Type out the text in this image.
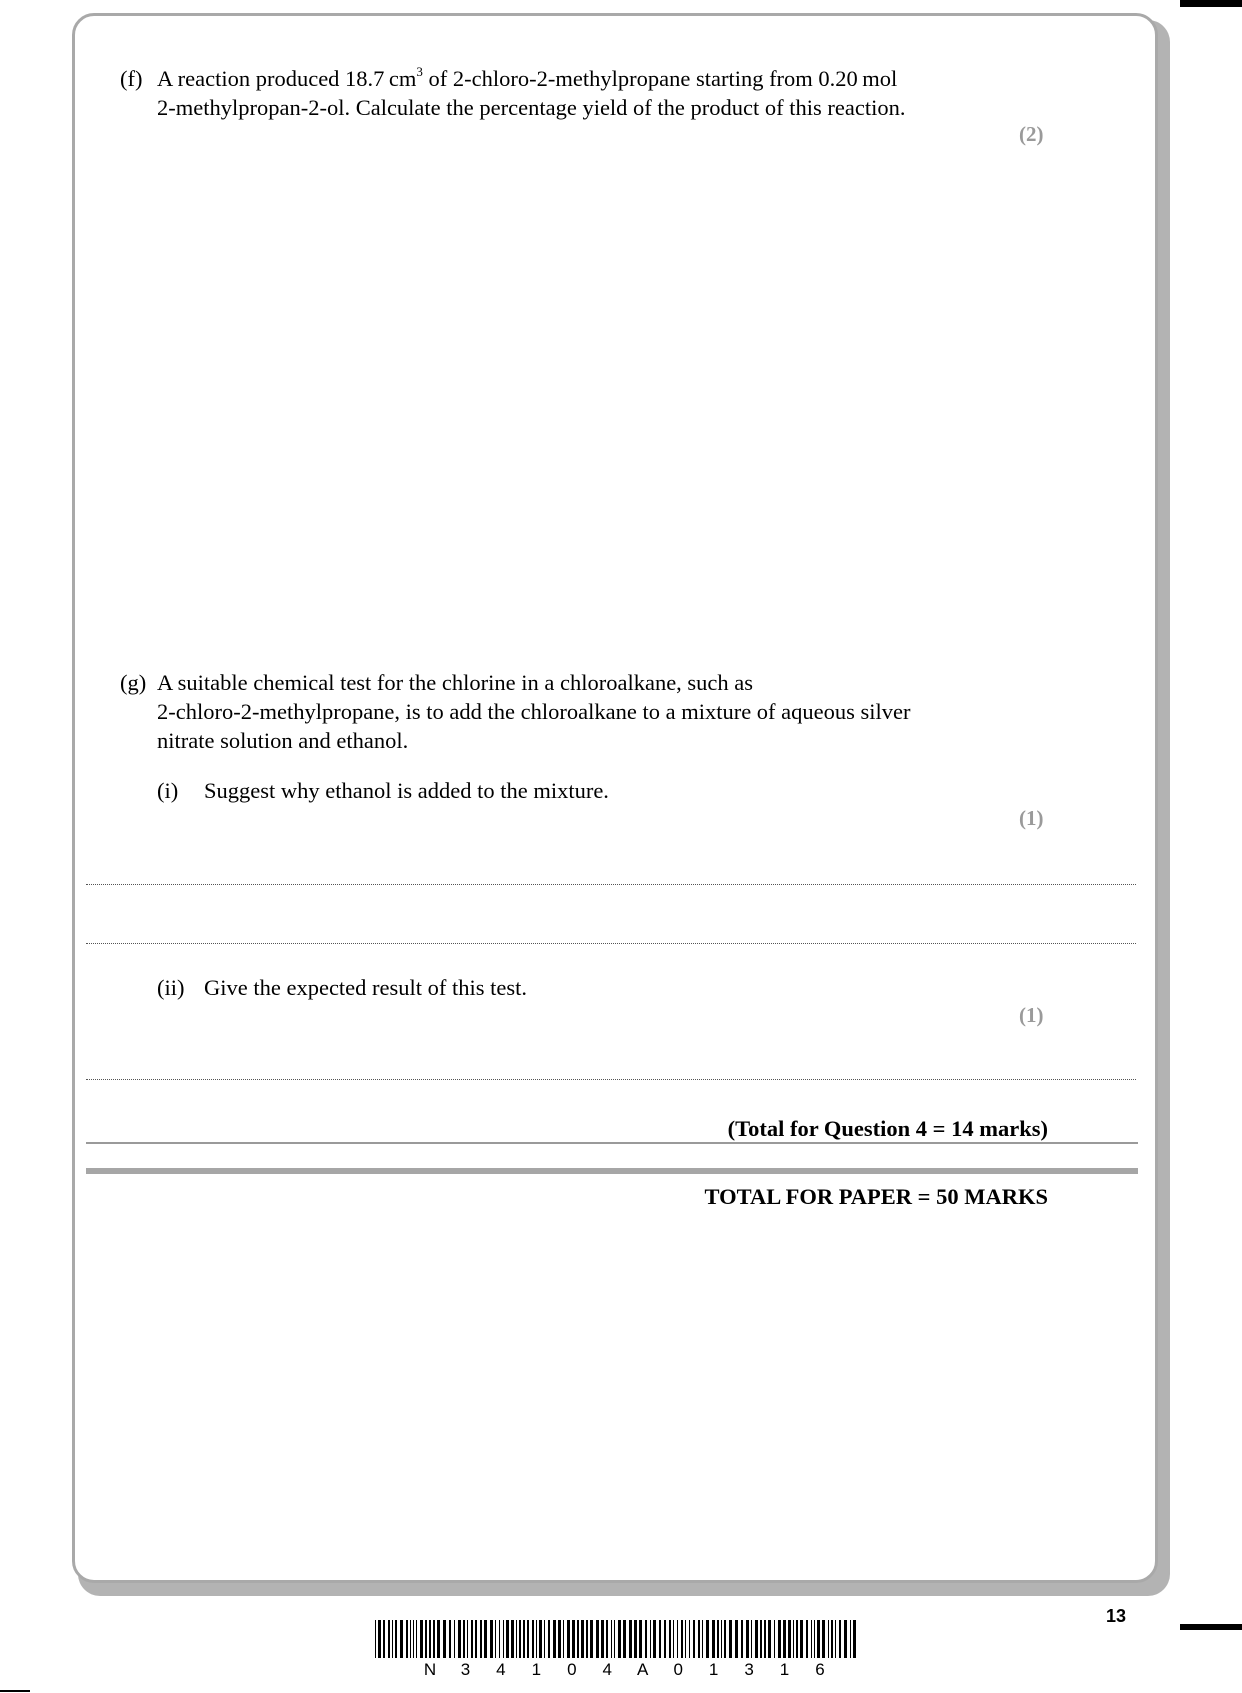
(f) A reaction produced 18.7 $cm^3$ of 2-chloro-2-methylpropane starting from 0.20 mol
2-methylpropan-2-ol. Calculate the percentage yield of the product of this reaction.
(2)
(g) A suitable chemical test for the chlorine in a chloroalkane, such as
2-chloro-2-methylpropane, is to add the chloroalkane to a mixture of aqueous silver
nitrate solution and ethanol.
(i) Suggest why ethanol is added to the mixture.
(1)
(ii) Give the expected result of this test.
(1)
(Total for Question 4 = 14 marks)
TOTAL FOR PAPER = 50 MARKS
13
N	3	4	1	0	4	A	0	1	3	1	6
